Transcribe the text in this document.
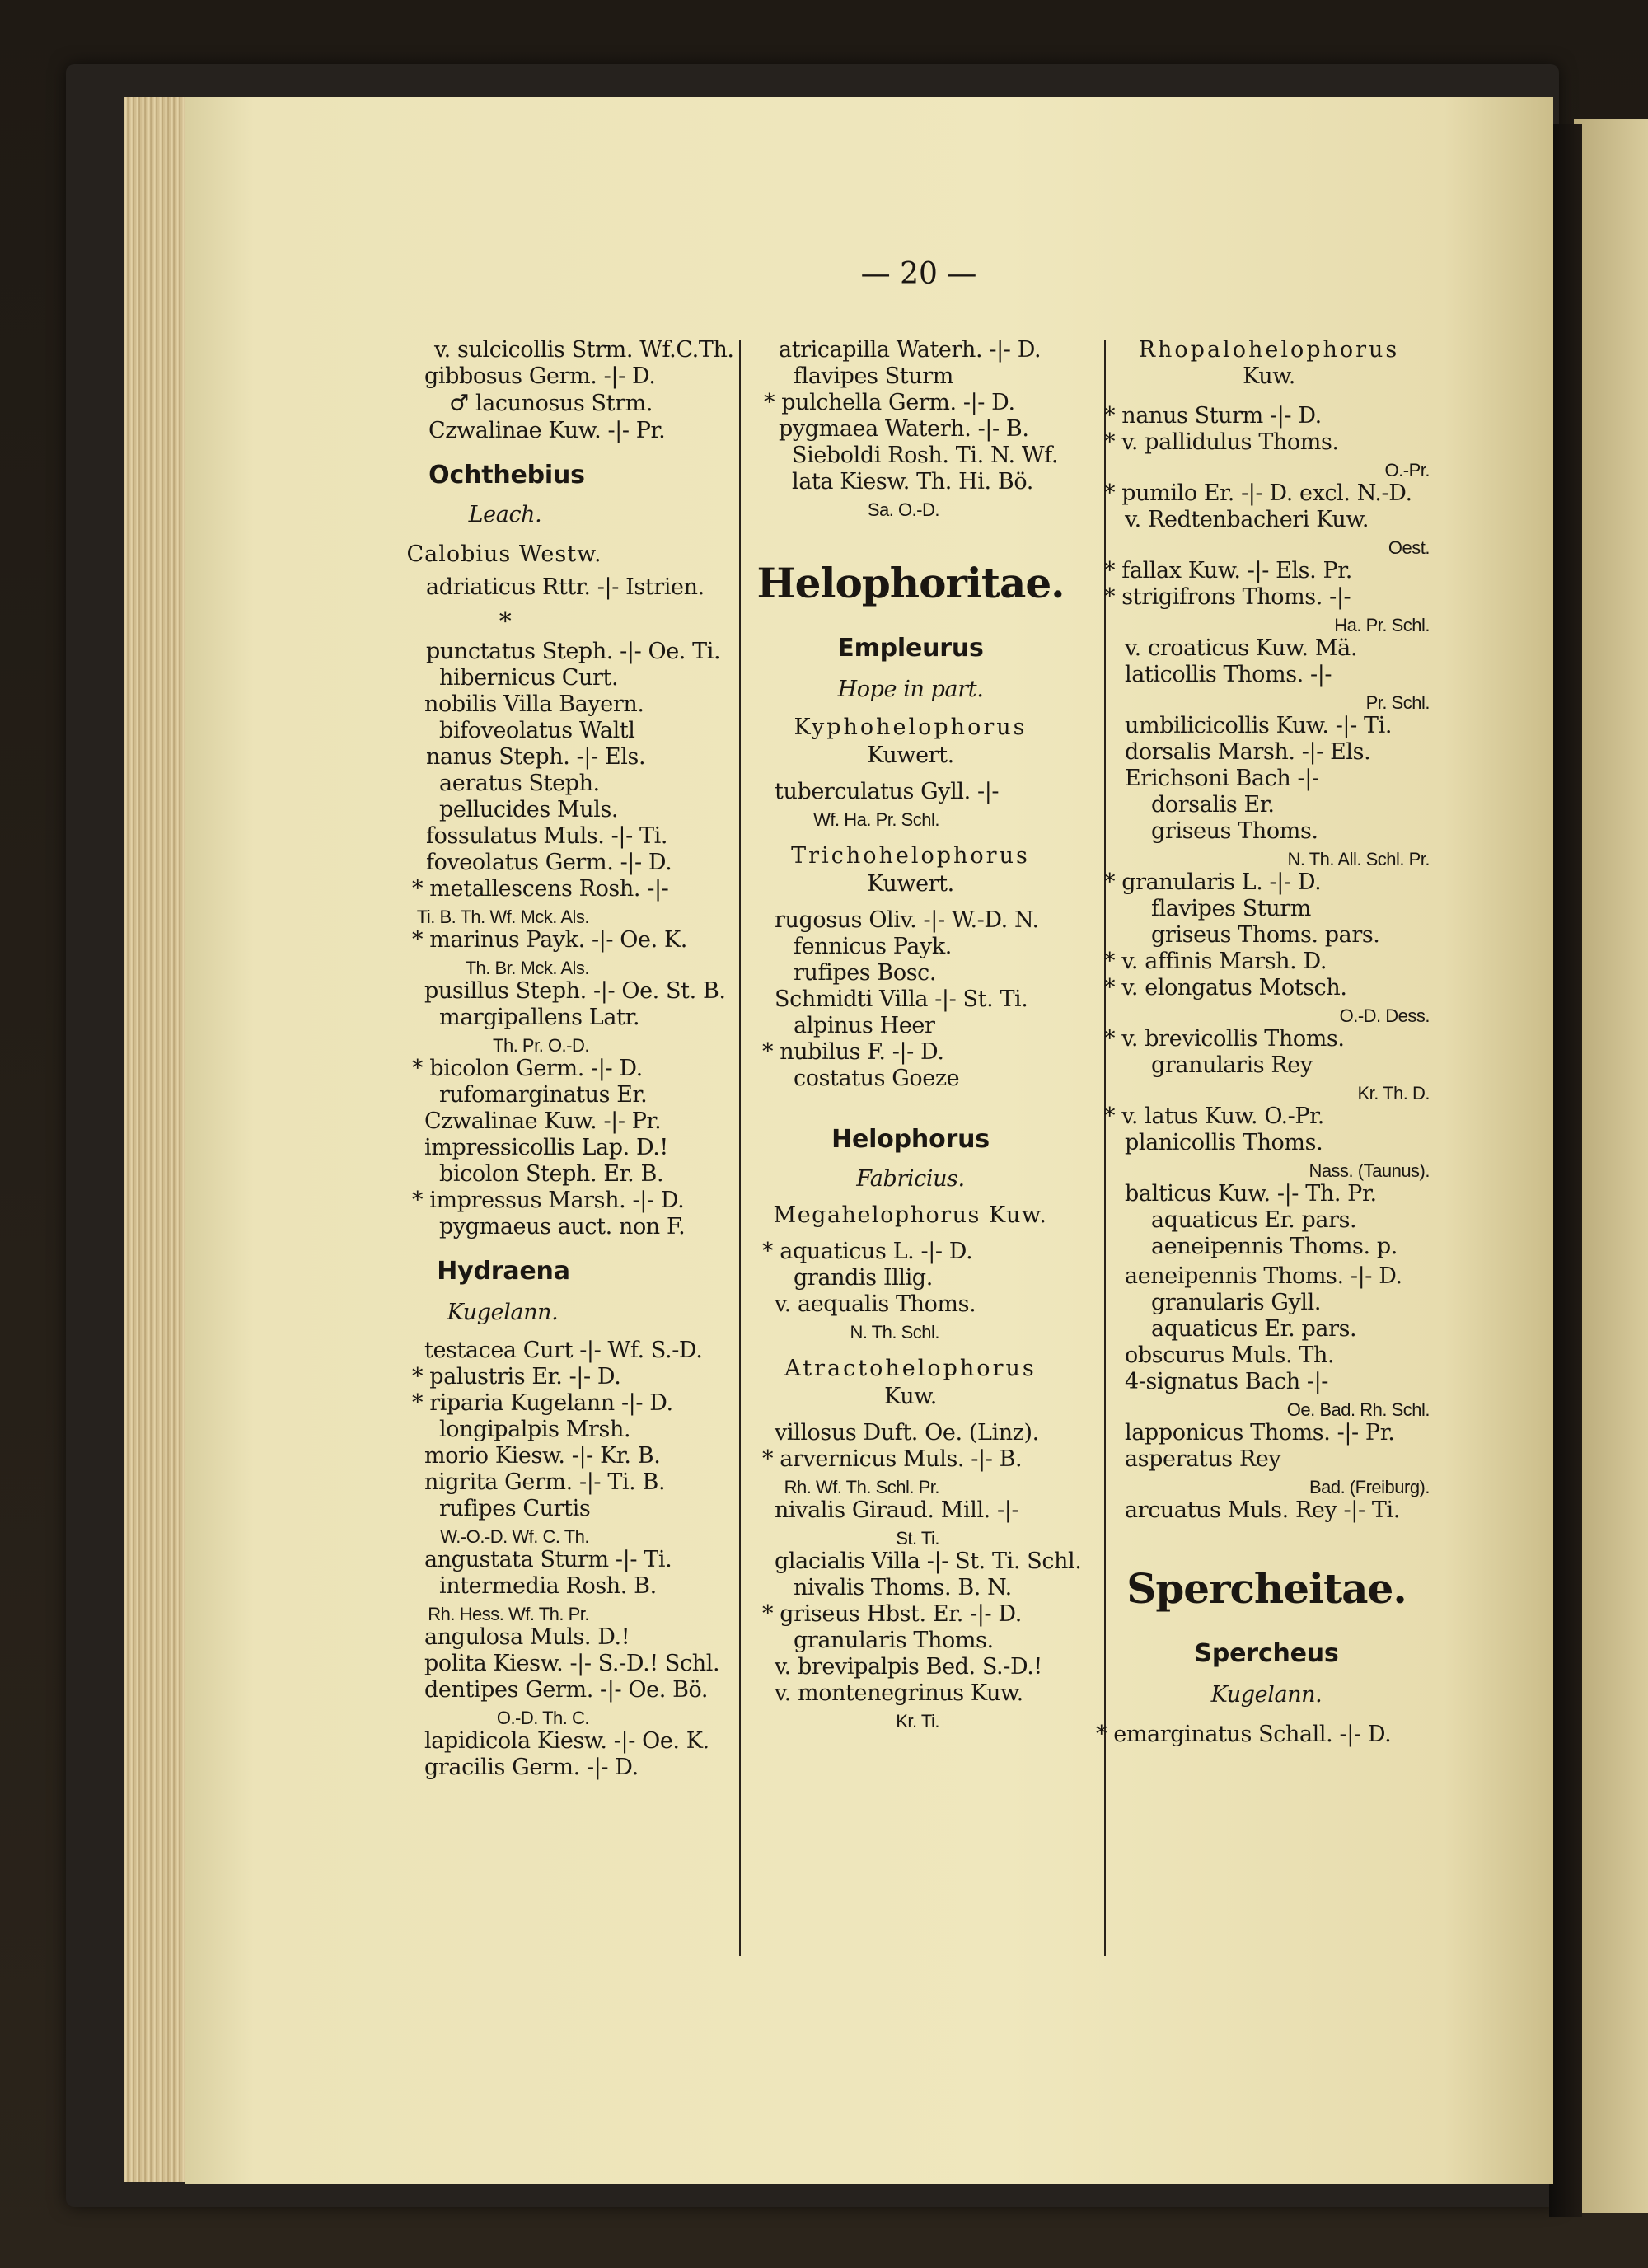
— 20 —
v. sulcicollis Strm. Wf.C.Th.
gibbosus Germ. -|- D.
♂ lacunosus Strm.
Czwalinae Kuw. -|- Pr.
Ochthebius
Leach.
Calobius Westw.
adriaticus Rttr. -|- Istrien.
*
punctatus Steph. -|- Oe. Ti.
hibernicus Curt.
nobilis Villa Bayern.
bifoveolatus Waltl
nanus Steph. -|- Els.
aeratus Steph.
pellucides Muls.
fossulatus Muls. -|- Ti.
foveolatus Germ. -|- D.
* metallescens Rosh. -|-
Ti. B. Th. Wf. Mck. Als.
* marinus Payk. -|- Oe. K.
Th. Br. Mck. Als.
pusillus Steph. -|- Oe. St. B.
margipallens Latr.
Th. Pr. O.-D.
* bicolon Germ. -|- D.
rufomarginatus Er.
Czwalinae Kuw. -|- Pr.
impressicollis Lap. D.!
bicolon Steph. Er. B.
* impressus Marsh. -|- D.
pygmaeus auct. non F.
Hydraena
Kugelann.
testacea Curt -|- Wf. S.-D.
* palustris Er. -|- D.
* riparia Kugelann -|- D.
longipalpis Mrsh.
morio Kiesw. -|- Kr. B.
nigrita Germ. -|- Ti. B.
rufipes Curtis
W.-O.-D. Wf. C. Th.
angustata Sturm -|- Ti.
intermedia Rosh. B.
Rh. Hess. Wf. Th. Pr.
angulosa Muls. D.!
polita Kiesw. -|- S.-D.! Schl.
dentipes Germ. -|- Oe. Bö.
O.-D. Th. C.
lapidicola Kiesw. -|- Oe. K.
gracilis Germ. -|- D.
atricapilla Waterh. -|- D.
flavipes Sturm
* pulchella Germ. -|- D.
pygmaea Waterh. -|- B.
Sieboldi Rosh. Ti. N. Wf.
lata Kiesw. Th. Hi. Bö.
Sa. O.-D.
Helophoritae.
Empleurus
Hope in part.
Kyphohelophorus
Kuwert.
tuberculatus Gyll. -|-
Wf. Ha. Pr. Schl.
Trichohelophorus
Kuwert.
rugosus Oliv. -|- W.-D. N.
fennicus Payk.
rufipes Bosc.
Schmidti Villa -|- St. Ti.
alpinus Heer
* nubilus F. -|- D.
costatus Goeze
Helophorus
Fabricius.
Megahelophorus Kuw.
* aquaticus L. -|- D.
grandis Illig.
v. aequalis Thoms.
N. Th. Schl.
Atractohelophorus
Kuw.
villosus Duft. Oe. (Linz).
* arvernicus Muls. -|- B.
Rh. Wf. Th. Schl. Pr.
nivalis Giraud. Mill. -|-
St. Ti.
glacialis Villa -|- St. Ti. Schl.
nivalis Thoms. B. N.
* griseus Hbst. Er. -|- D.
granularis Thoms.
v. brevipalpis Bed. S.-D.!
v. montenegrinus Kuw.
Kr. Ti.
Rhopalohelophorus
Kuw.
* nanus Sturm -|- D.
* v. pallidulus Thoms.
O.-Pr.
* pumilo Er. -|- D. excl. N.-D.
v. Redtenbacheri Kuw.
Oest.
* fallax Kuw. -|- Els. Pr.
* strigifrons Thoms. -|-
Ha. Pr. Schl.
v. croaticus Kuw. Mä.
laticollis Thoms. -|-
Pr. Schl.
umbilicicollis Kuw. -|- Ti.
dorsalis Marsh. -|- Els.
Erichsoni Bach -|-
dorsalis Er.
griseus Thoms.
N. Th. All. Schl. Pr.
* granularis L. -|- D.
flavipes Sturm
griseus Thoms. pars.
* v. affinis Marsh. D.
* v. elongatus Motsch.
O.-D. Dess.
* v. brevicollis Thoms.
granularis Rey
Kr. Th. D.
* v. latus Kuw. O.-Pr.
planicollis Thoms.
Nass. (Taunus).
balticus Kuw. -|- Th. Pr.
aquaticus Er. pars.
aeneipennis Thoms. p.
aeneipennis Thoms. -|- D.
granularis Gyll.
aquaticus Er. pars.
obscurus Muls. Th.
4-signatus Bach -|-
Oe. Bad. Rh. Schl.
lapponicus Thoms. -|- Pr.
asperatus Rey
Bad. (Freiburg).
arcuatus Muls. Rey -|- Ti.
Spercheitae.
Spercheus
Kugelann.
* emarginatus Schall. -|- D.
